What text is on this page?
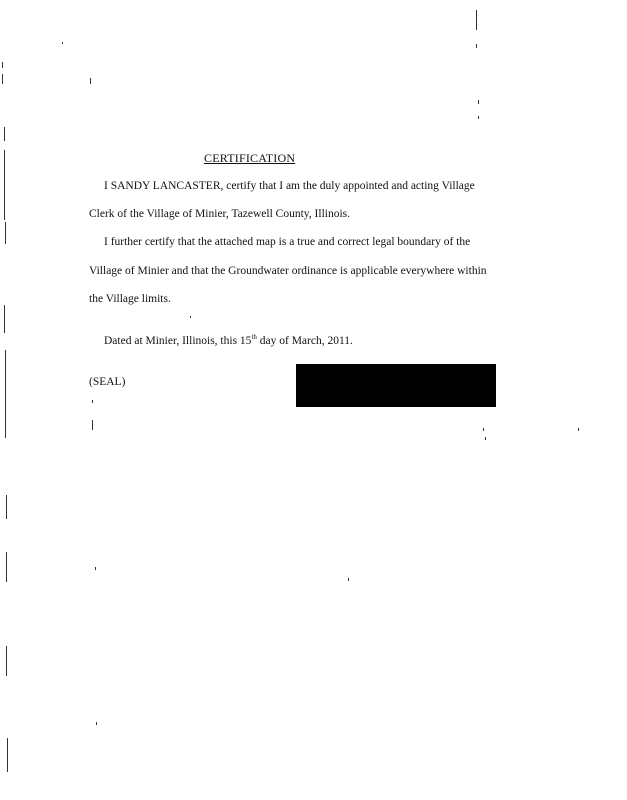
CERTIFICATION
I SANDY LANCASTER, certify that I am the duly appointed and acting Village
Clerk of the Village of Minier, Tazewell County, Illinois.
I further certify that the attached map is a true and correct legal boundary of the
Village of Minier and that the Groundwater ordinance is applicable everywhere within
the Village limits.
Dated at Minier, Illinois, this 15th day of March, 2011.
(SEAL)
